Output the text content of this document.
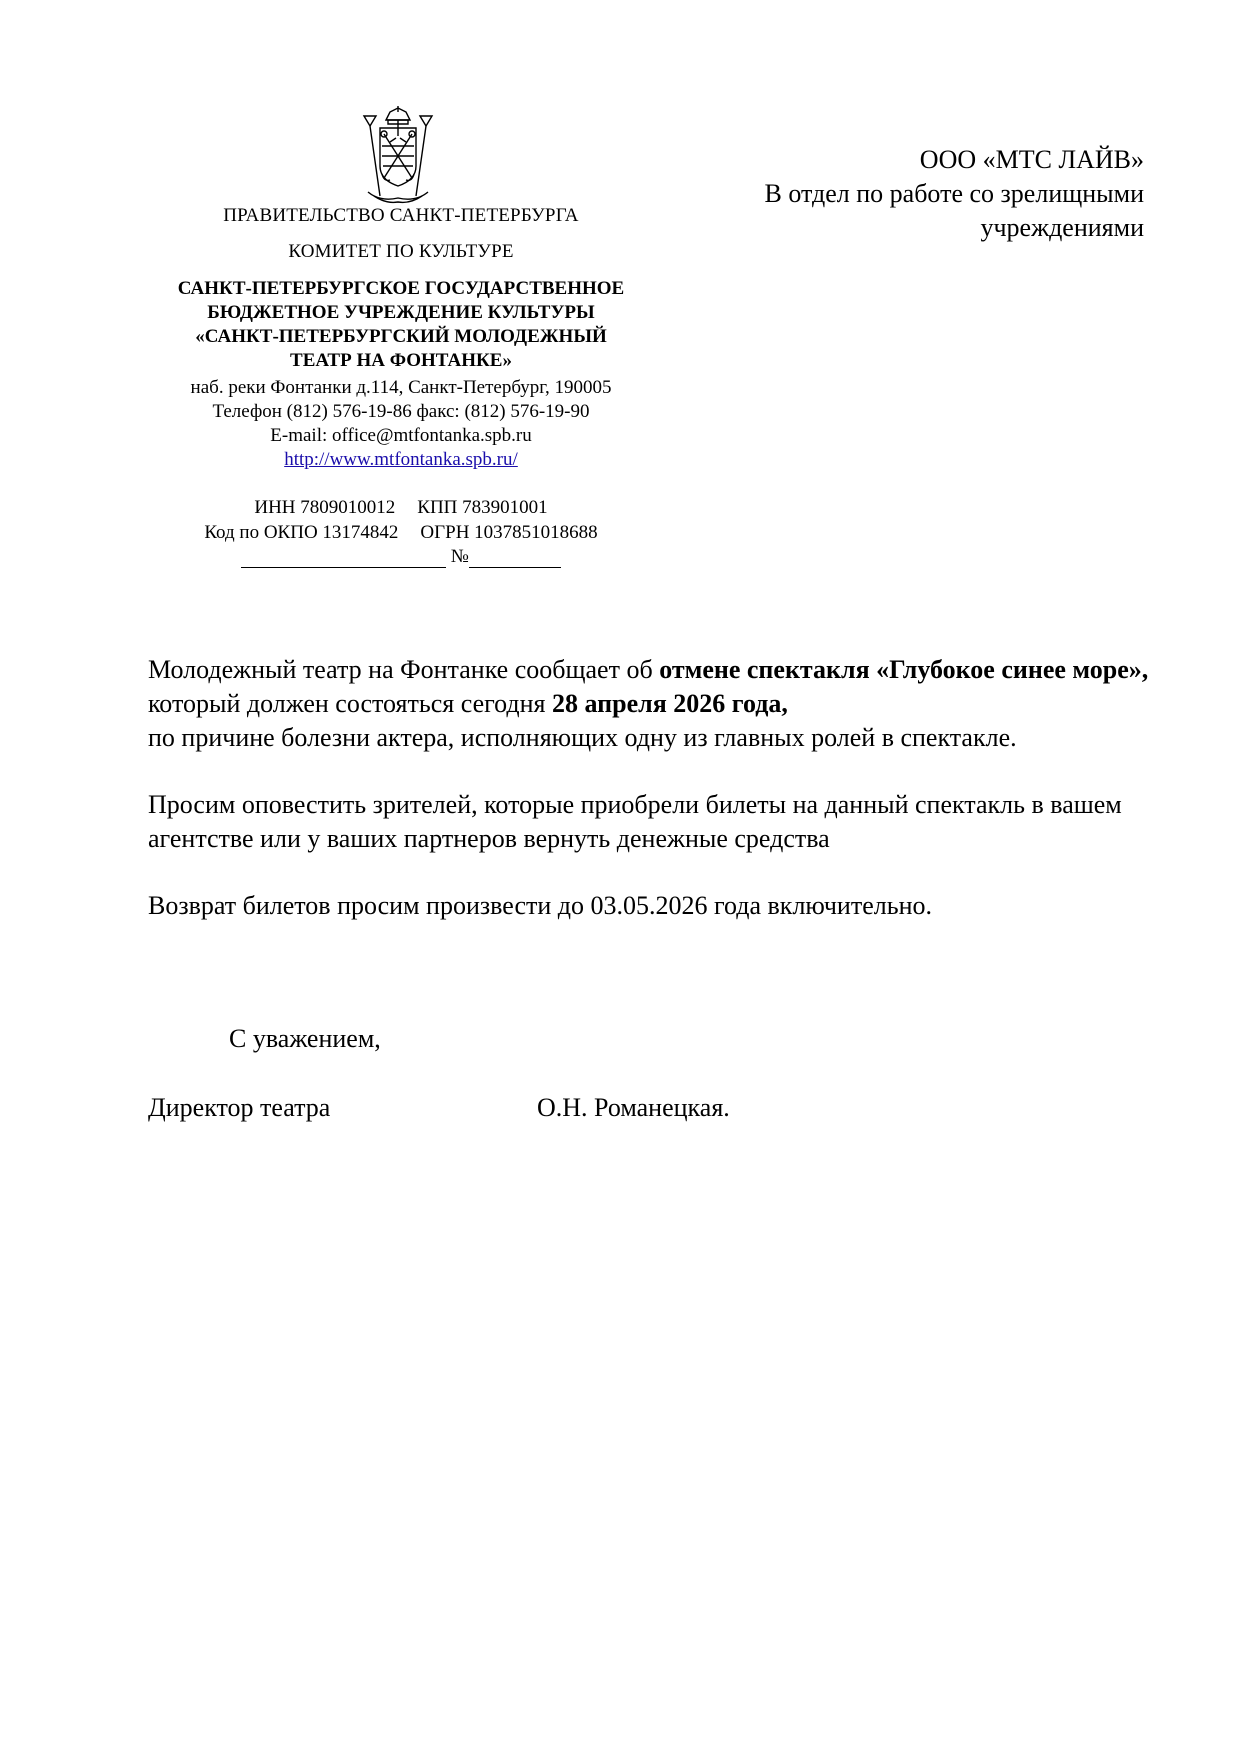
ПРАВИТЕЛЬСТВО САНКТ-ПЕТЕРБУРГА
КОМИТЕТ ПО КУЛЬТУРЕ
САНКТ-ПЕТЕРБУРГСКОЕ ГОСУДАРСТВЕННОЕ
БЮДЖЕТНОЕ УЧРЕЖДЕНИЕ КУЛЬТУРЫ
«САНКТ-ПЕТЕРБУРГСКИЙ МОЛОДЕЖНЫЙ
ТЕАТР НА ФОНТАНКЕ»
наб. реки Фонтанки д.114, Санкт-Петербург, 190005
Телефон (812) 576-19-86 факс: (812) 576-19-90
E-mail: office@mtfontanka.spb.ru
http://www.mtfontanka.spb.ru/
ИНН 7809010012 КПП 783901001
Код по ОКПО 13174842 ОГРН 1037851018688
№
ООО «МТС ЛАЙВ»
В отдел по работе со зрелищными
учреждениями
Молодежный театр на Фонтанке сообщает об отмене спектакля «Глубокое синее море», который должен состояться сегодня 28 апреля 2026 года,
по причине болезни актера, исполняющих одну из главных ролей в спектакле.
Просим оповестить зрителей, которые приобрели билеты на данный спектакль в вашем агентстве или у ваших партнеров вернуть денежные средства
Возврат билетов просим произвести до 03.05.2026 года включительно.
С уважением,
Директор театра	О.Н. Романецкая.
